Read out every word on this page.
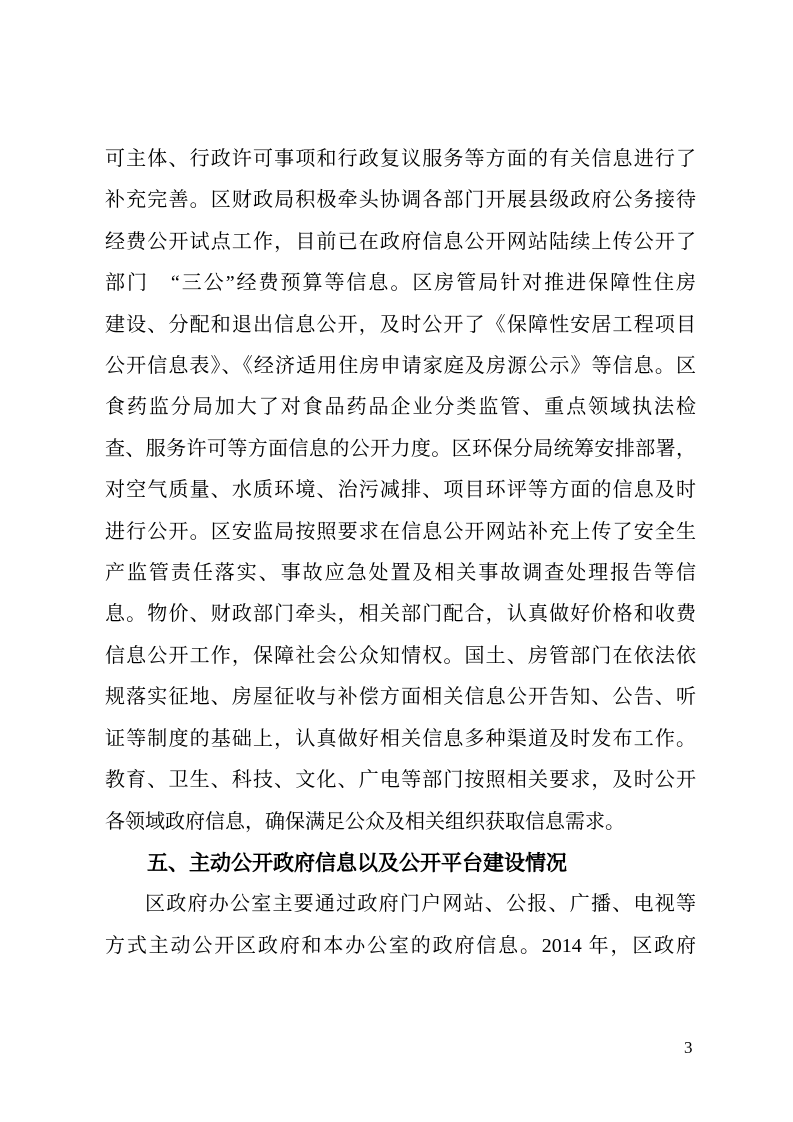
可主体、行政许可事项和行政复议服务等方面的有关信息进行了
补充完善。区财政局积极牵头协调各部门开展县级政府公务接待
经费公开试点工作，目前已在政府信息公开网站陆续上传公开了
部门　“三公”经费预算等信息。区房管局针对推进保障性住房
建设、分配和退出信息公开，及时公开了《保障性安居工程项目
公开信息表》、《经济适用住房申请家庭及房源公示》等信息。区
食药监分局加大了对食品药品企业分类监管、重点领域执法检
查、服务许可等方面信息的公开力度。区环保分局统筹安排部署，
对空气质量、水质环境、治污减排、项目环评等方面的信息及时
进行公开。区安监局按照要求在信息公开网站补充上传了安全生
产监管责任落实、事故应急处置及相关事故调查处理报告等信
息。物价、财政部门牵头，相关部门配合，认真做好价格和收费
信息公开工作，保障社会公众知情权。国土、房管部门在依法依
规落实征地、房屋征收与补偿方面相关信息公开告知、公告、听
证等制度的基础上，认真做好相关信息多种渠道及时发布工作。
教育、卫生、科技、文化、广电等部门按照相关要求，及时公开
各领域政府信息，确保满足公众及相关组织获取信息需求。
五、主动公开政府信息以及公开平台建设情况
区政府办公室主要通过政府门户网站、公报、广播、电视等
方式主动公开区政府和本办公室的政府信息。2014 年，区政府
3
